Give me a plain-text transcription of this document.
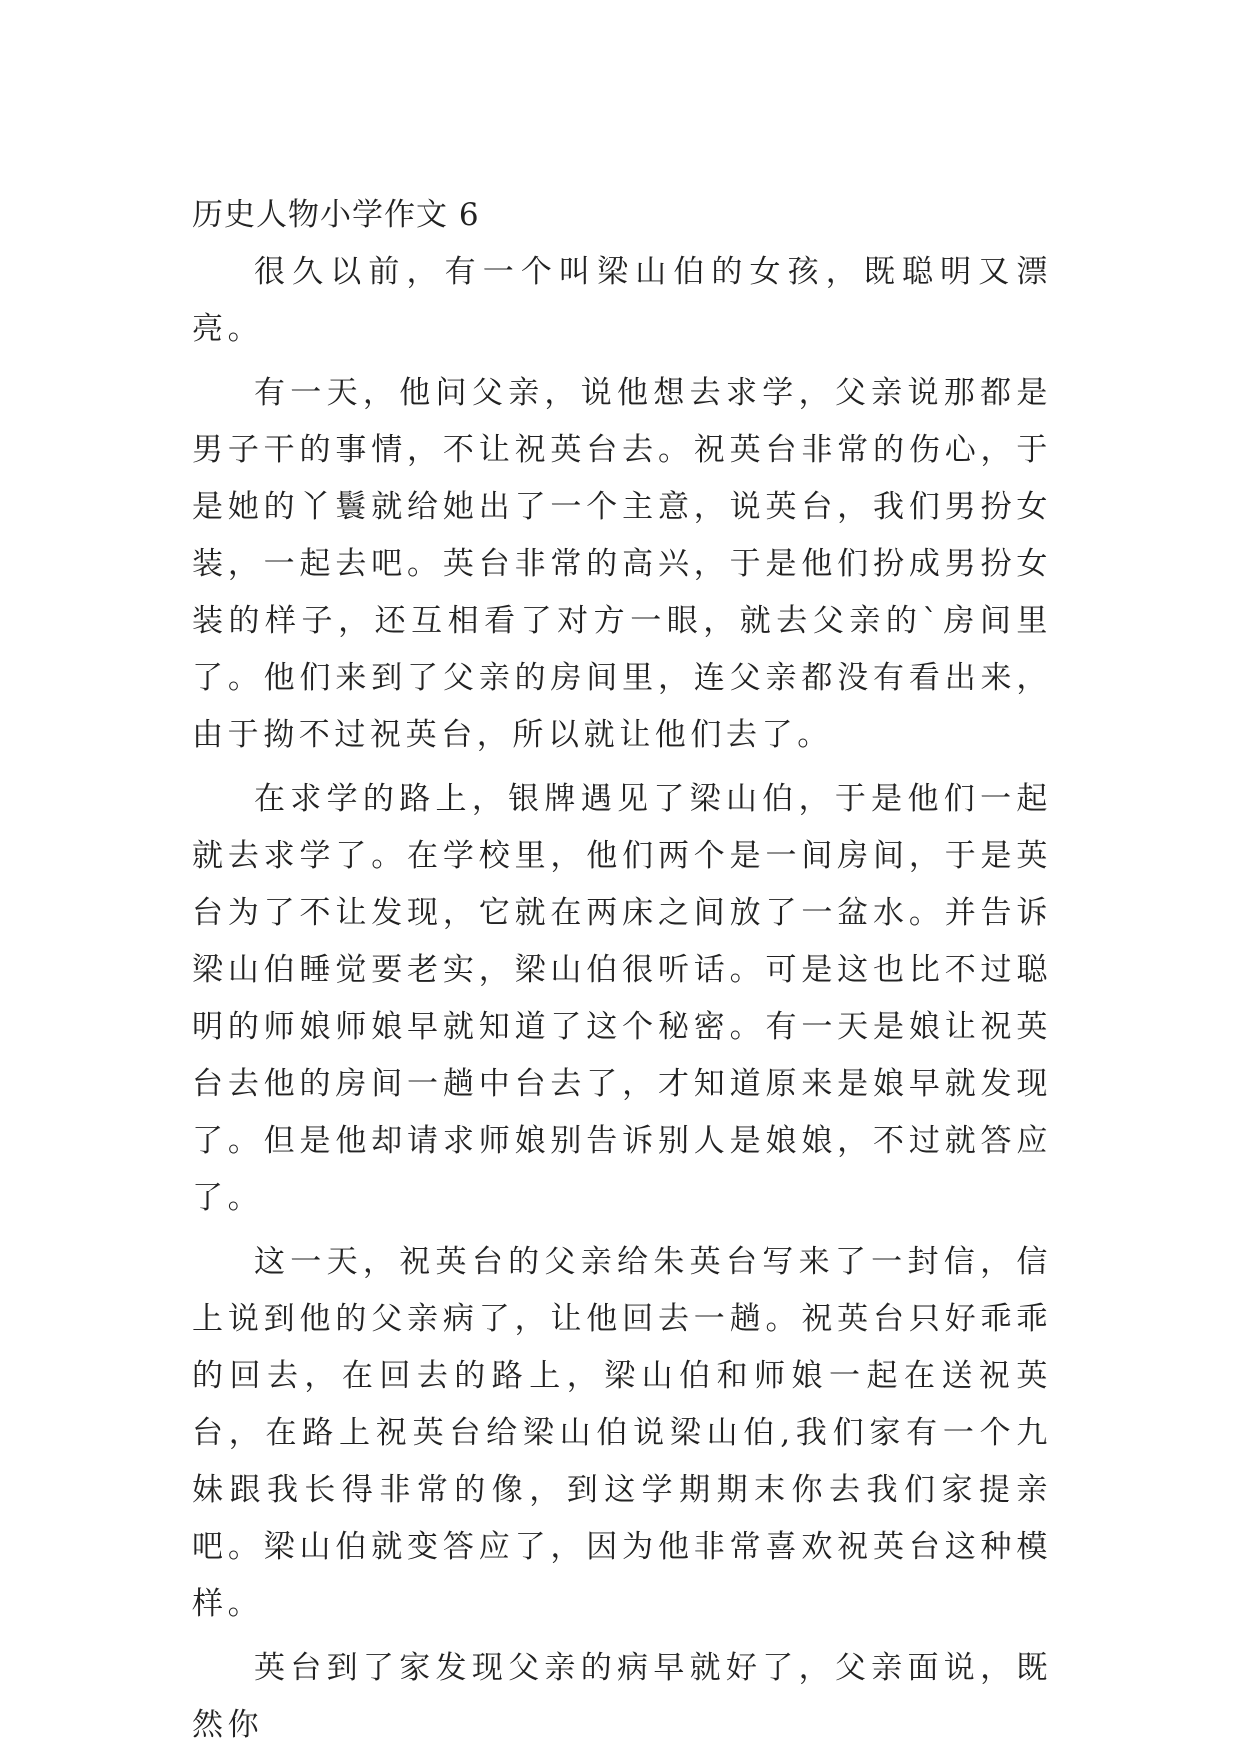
历史人物小学作文 6

很久以前，有一个叫梁山伯的女孩，既聪明又漂亮。

有一天，他问父亲，说他想去求学，父亲说那都是男子干的事情，不让祝英台去。祝英台非常的伤心，于是她的丫鬟就给她出了一个主意，说英台，我们男扮女装，一起去吧。英台非常的高兴，于是他们扮成男扮女装的样子，还互相看了对方一眼，就去父亲的`房间里了。他们来到了父亲的房间里，连父亲都没有看出来，由于拗不过祝英台，所以就让他们去了。

在求学的路上，银牌遇见了梁山伯，于是他们一起就去求学了。在学校里，他们两个是一间房间，于是英台为了不让发现，它就在两床之间放了一盆水。并告诉梁山伯睡觉要老实，梁山伯很听话。可是这也比不过聪明的师娘师娘早就知道了这个秘密。有一天是娘让祝英台去他的房间一趟中台去了，才知道原来是娘早就发现了。但是他却请求师娘别告诉别人是娘娘，不过就答应了。

这一天，祝英台的父亲给朱英台写来了一封信，信上说到他的父亲病了，让他回去一趟。祝英台只好乖乖的回去，在回去的路上，梁山伯和师娘一起在送祝英台，在路上祝英台给梁山伯说梁山伯,我们家有一个九妹跟我长得非常的像，到这学期期末你去我们家提亲吧。梁山伯就变答应了，因为他非常喜欢祝英台这种模样。

英台到了家发现父亲的病早就好了，父亲面说，既然你
